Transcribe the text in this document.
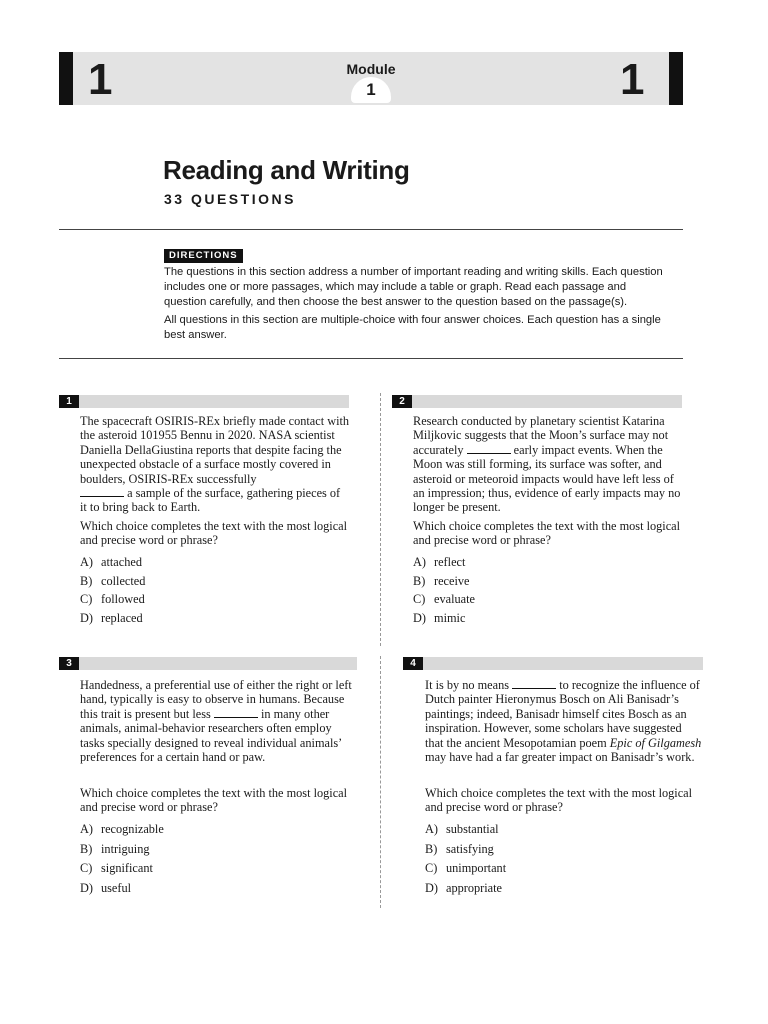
1	1
Module
1
Reading and Writing
33 QUESTIONS
DIRECTIONS
The questions in this section address a number of important reading and writing skills. Each question includes one or more passages, which may include a table or graph. Read each passage and question carefully, and then choose the best answer to the question based on the passage(s).
All questions in this section are multiple-choice with four answer choices. Each question has a single best answer.
1
The spacecraft OSIRIS-REx briefly made contact with the asteroid 101955 Bennu in 2020. NASA scientist Daniella DellaGiustina reports that despite facing the unexpected obstacle of a surface mostly covered in boulders, OSIRIS-REx successfully
a sample of the surface, gathering pieces of it to bring back to Earth.
Which choice completes the text with the most logical and precise word or phrase?
A) attached
B) collected
C) followed
D) replaced
2
Research conducted by planetary scientist Katarina Miljkovic suggests that the Moon’s surface may not accurately	early impact events. When the Moon was still forming, its surface was softer, and asteroid or meteoroid impacts would have left less of an impression; thus, evidence of early impacts may no longer be present.
Which choice completes the text with the most logical and precise word or phrase?
A) reflect
B) receive
C) evaluate
D) mimic
3
Handedness, a preferential use of either the right or left hand, typically is easy to observe in humans. Because this trait is present but less	in many other animals, animal-behavior researchers often employ tasks specially designed to reveal individual animals’ preferences for a certain hand or paw.
Which choice completes the text with the most logical and precise word or phrase?
A) recognizable
B) intriguing
C) significant
D) useful
4
It is by no means	to recognize the influence of Dutch painter Hieronymus Bosch on Ali Banisadr’s paintings; indeed, Banisadr himself cites Bosch as an inspiration. However, some scholars have suggested that the ancient Mesopotamian poem Epic of Gilgamesh may have had a far greater impact on Banisadr’s work.
Which choice completes the text with the most logical and precise word or phrase?
A) substantial
B) satisfying
C) unimportant
D) appropriate
